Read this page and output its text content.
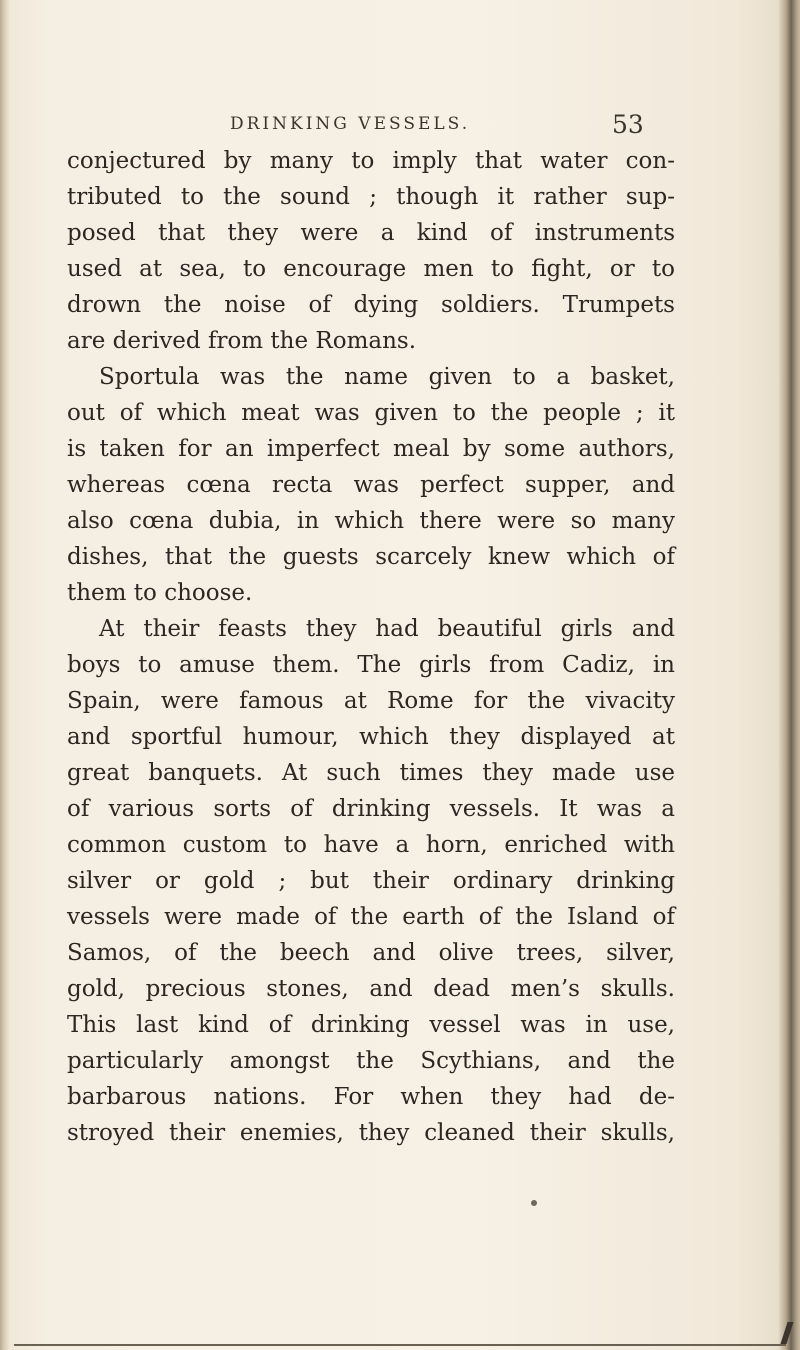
DRINKING VESSELS.	53
conjectured by many to imply that water con-
tributed to the sound ; though it rather sup-
posed that they were a kind of instruments
used at sea, to encourage men to fight, or to
drown the noise of dying soldiers. Trumpets
are derived from the Romans.
Sportula was the name given to a basket,
out of which meat was given to the people ; it
is taken for an imperfect meal by some authors,
whereas cœna recta was perfect supper, and
also cœna dubia, in which there were so many
dishes, that the guests scarcely knew which of
them to choose.
At their feasts they had beautiful girls and
boys to amuse them. The girls from Cadiz, in
Spain, were famous at Rome for the vivacity
and sportful humour, which they displayed at
great banquets. At such times they made use
of various sorts of drinking vessels. It was a
common custom to have a horn, enriched with
silver or gold ; but their ordinary drinking
vessels were made of the earth of the Island of
Samos, of the beech and olive trees, silver,
gold, precious stones, and dead men’s skulls.
This last kind of drinking vessel was in use,
particularly amongst the Scythians, and the
barbarous nations. For when they had de-
stroyed their enemies, they cleaned their skulls,
